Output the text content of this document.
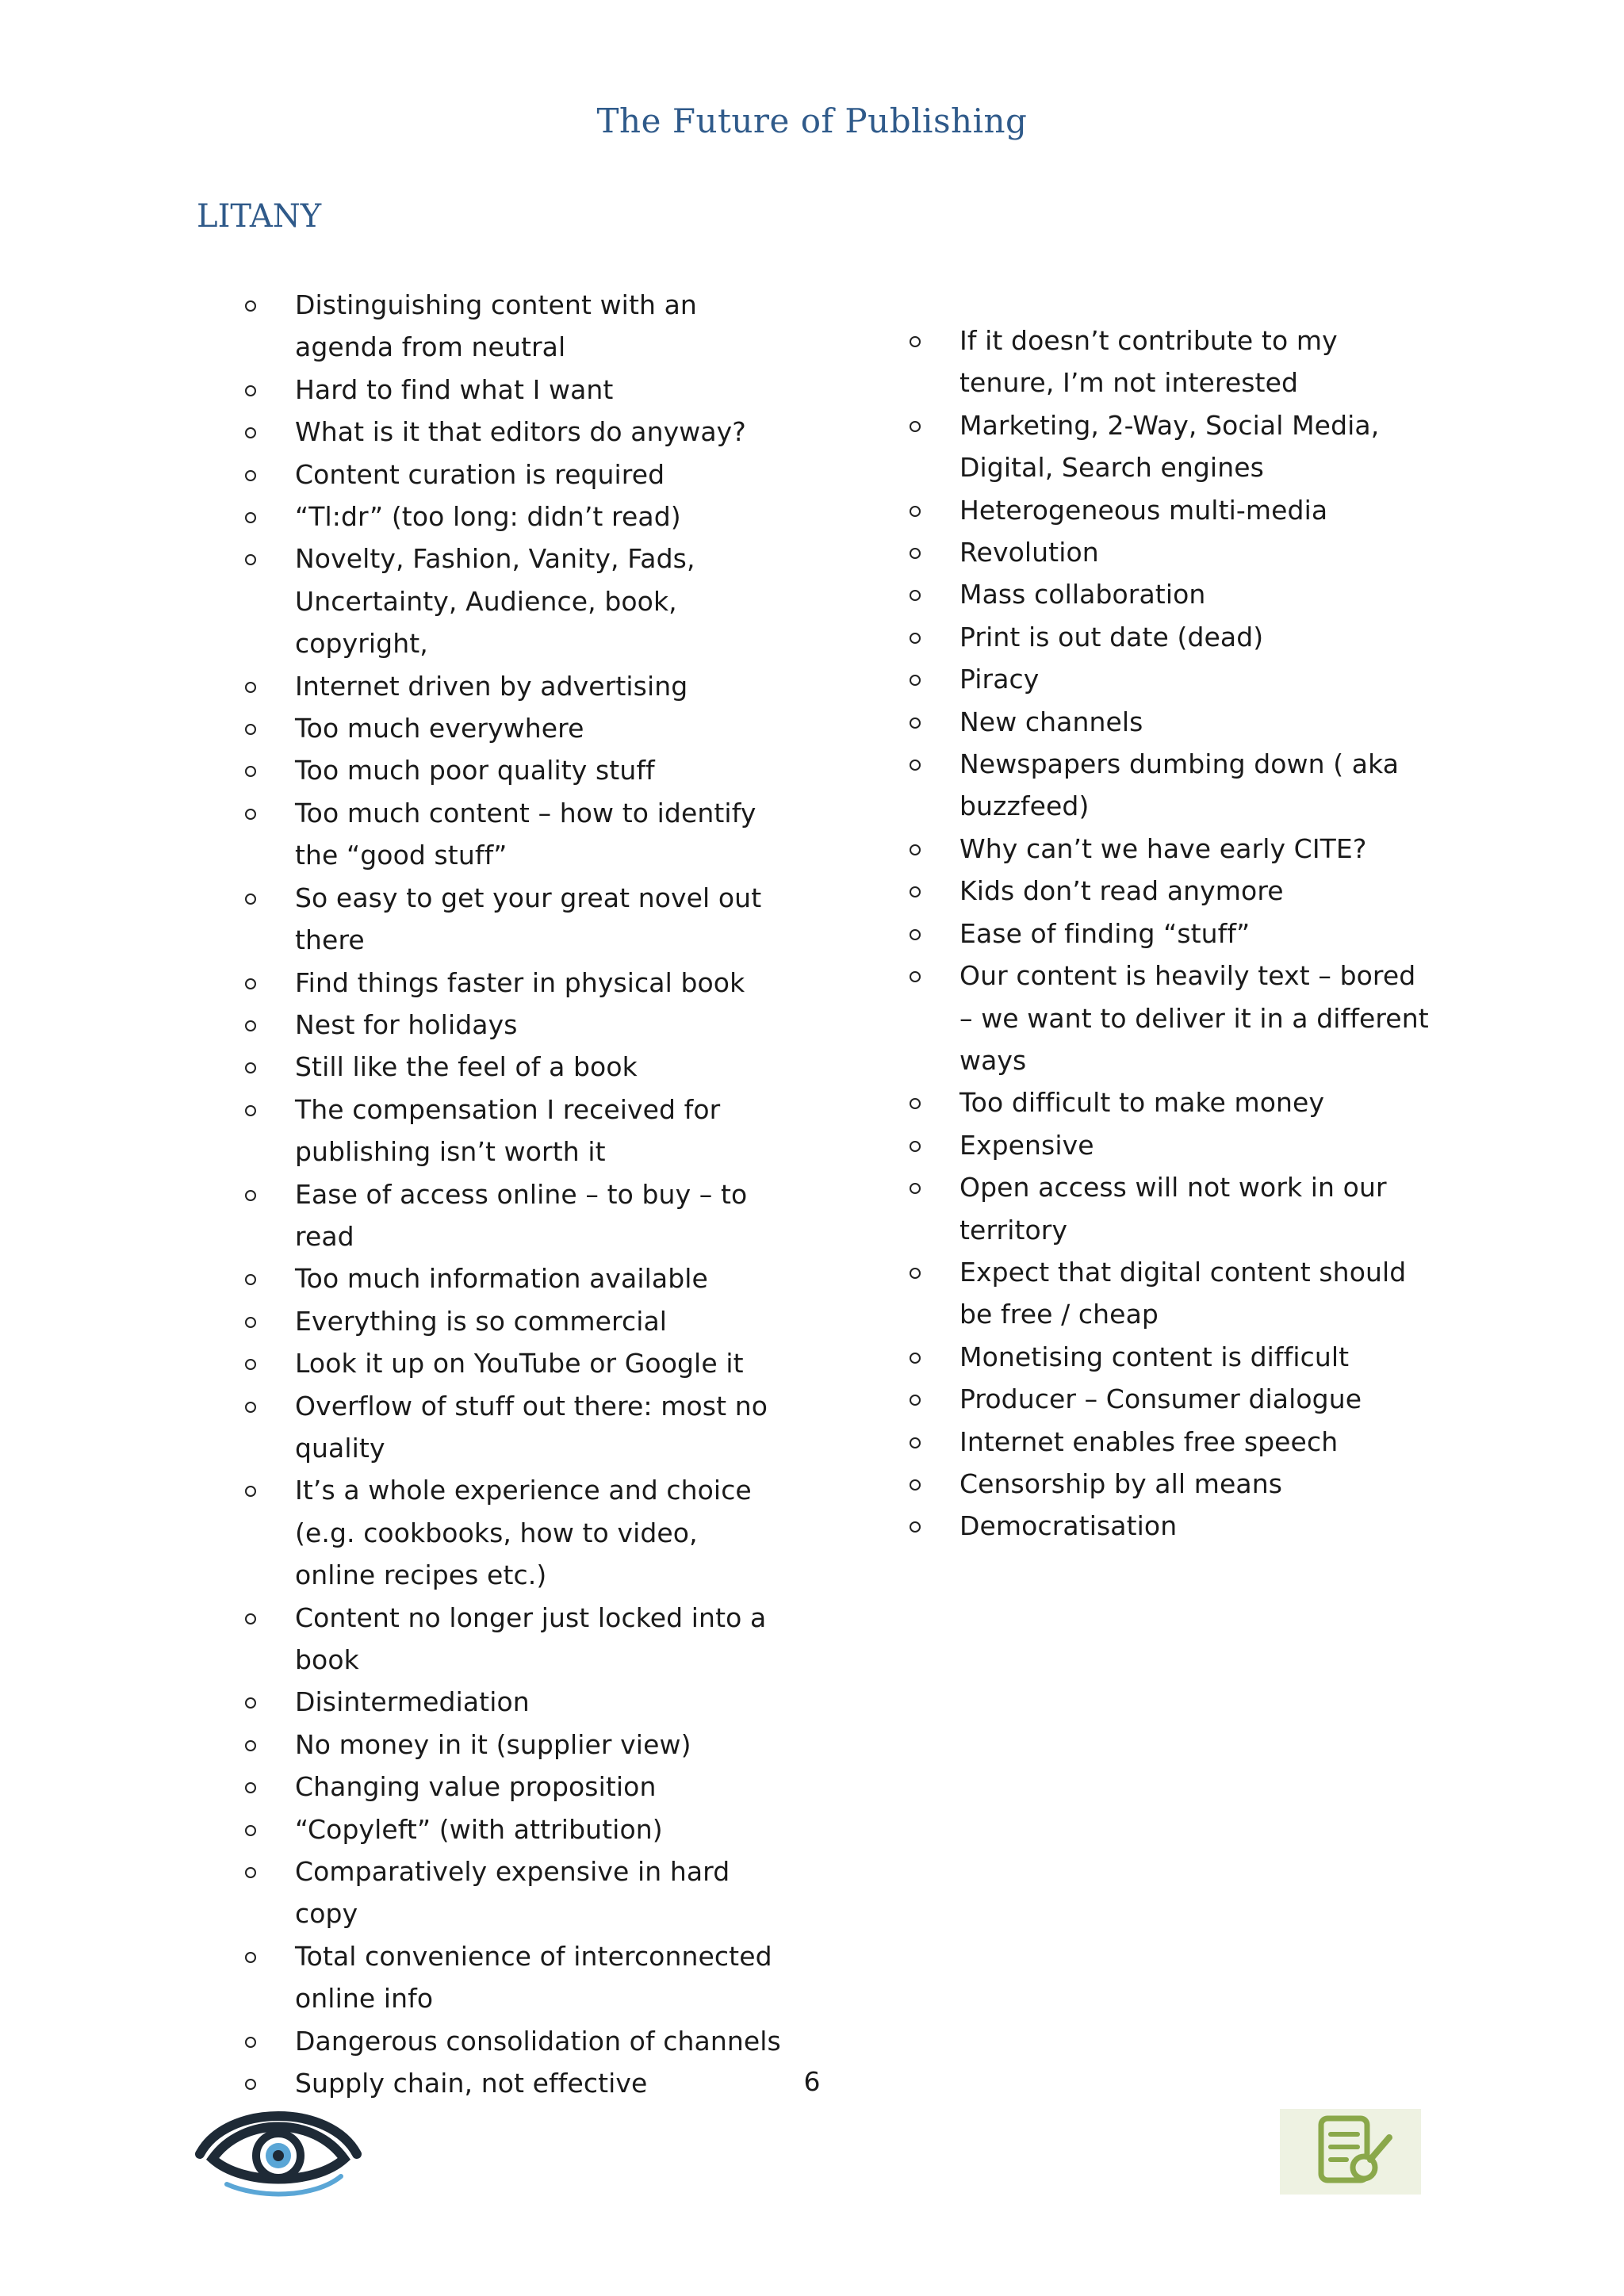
The Future of Publishing
LITANY
Distinguishing content with an agenda from neutral
Hard to find what I want
What is it that editors do anyway?
Content curation is required
“Tl:dr” (too long: didn’t read)
Novelty, Fashion, Vanity, Fads, Uncertainty, Audience, book, copyright,
Internet driven by advertising
Too much everywhere
Too much poor quality stuff
Too much content – how to identify the “good stuff”
So easy to get your great novel out there
Find things faster in physical book
Nest for holidays
Still like the feel of a book
The compensation I received for publishing isn’t worth it
Ease of access online – to buy – to read
Too much information available
Everything is so commercial
Look it up on YouTube or Google it
Overflow of stuff out there: most no quality
It’s a whole experience and choice (e.g. cookbooks, how to video, online recipes etc.)
Content no longer just locked into a book
Disintermediation
No money in it (supplier view)
Changing value proposition
“Copyleft” (with attribution)
Comparatively expensive in hard copy
Total convenience of interconnected online info
Dangerous consolidation of channels
Supply chain, not effective
If it doesn’t contribute to my tenure, I’m not interested
Marketing, 2-Way, Social Media, Digital, Search engines
Heterogeneous multi-media
Revolution
Mass collaboration
Print is out date (dead)
Piracy
New channels
Newspapers dumbing down ( aka buzzfeed)
Why can’t we have early CITE?
Kids don’t read anymore
Ease of finding “stuff”
Our content is heavily text – bored – we want to deliver it in a different ways
Too difficult to make money
Expensive
Open access will not work in our territory
Expect that digital content should be free / cheap
Monetising content is difficult
Producer – Consumer dialogue
Internet enables free speech
Censorship by all means
Democratisation
6
